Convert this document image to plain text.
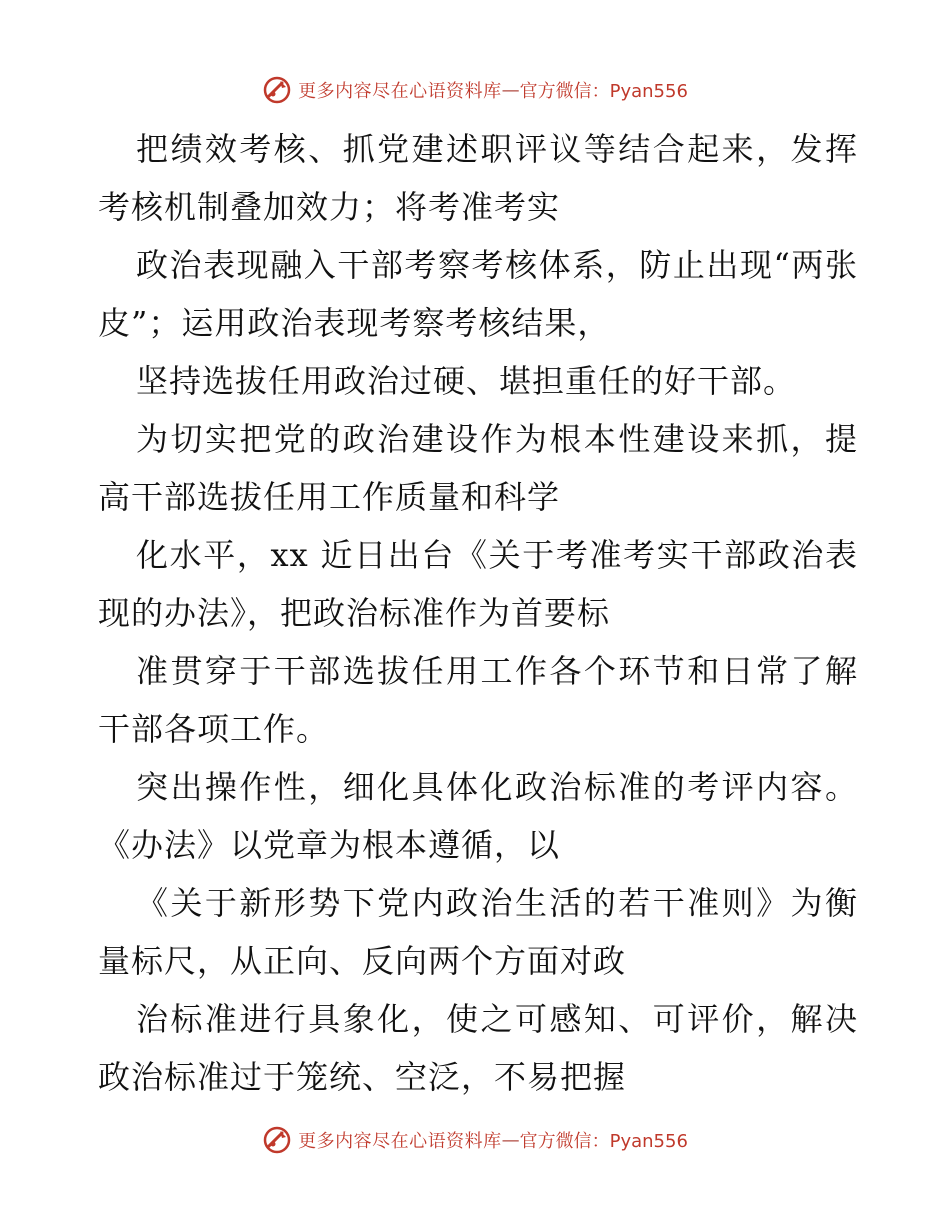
更多内容尽在心语资料库 — 官方微信：Pyan556

把绩效考核、抓党建述职评议等结合起来，发挥考核机制叠加效力；将考准考实

政治表现融入干部考察考核体系，防止出现“两张皮”；运用政治表现考察考核结果，

坚持选拔任用政治过硬、堪担重任的好干部。

为切实把党的政治建设作为根本性建设来抓，提高干部选拔任用工作质量和科学

化水平，xx 近日出台《关于考准考实干部政治表现的办法》，把政治标准作为首要标

准贯穿于干部选拔任用工作各个环节和日常了解干部各项工作。

突出操作性，细化具体化政治标准的考评内容。《办法》以党章为根本遵循，以

《关于新形势下党内政治生活的若干准则》为衡量标尺，从正向、反向两个方面对政

治标准进行具象化，使之可感知、可评价，解决政治标准过于笼统、空泛，不易把握

更多内容尽在心语资料库 — 官方微信：Pyan556
